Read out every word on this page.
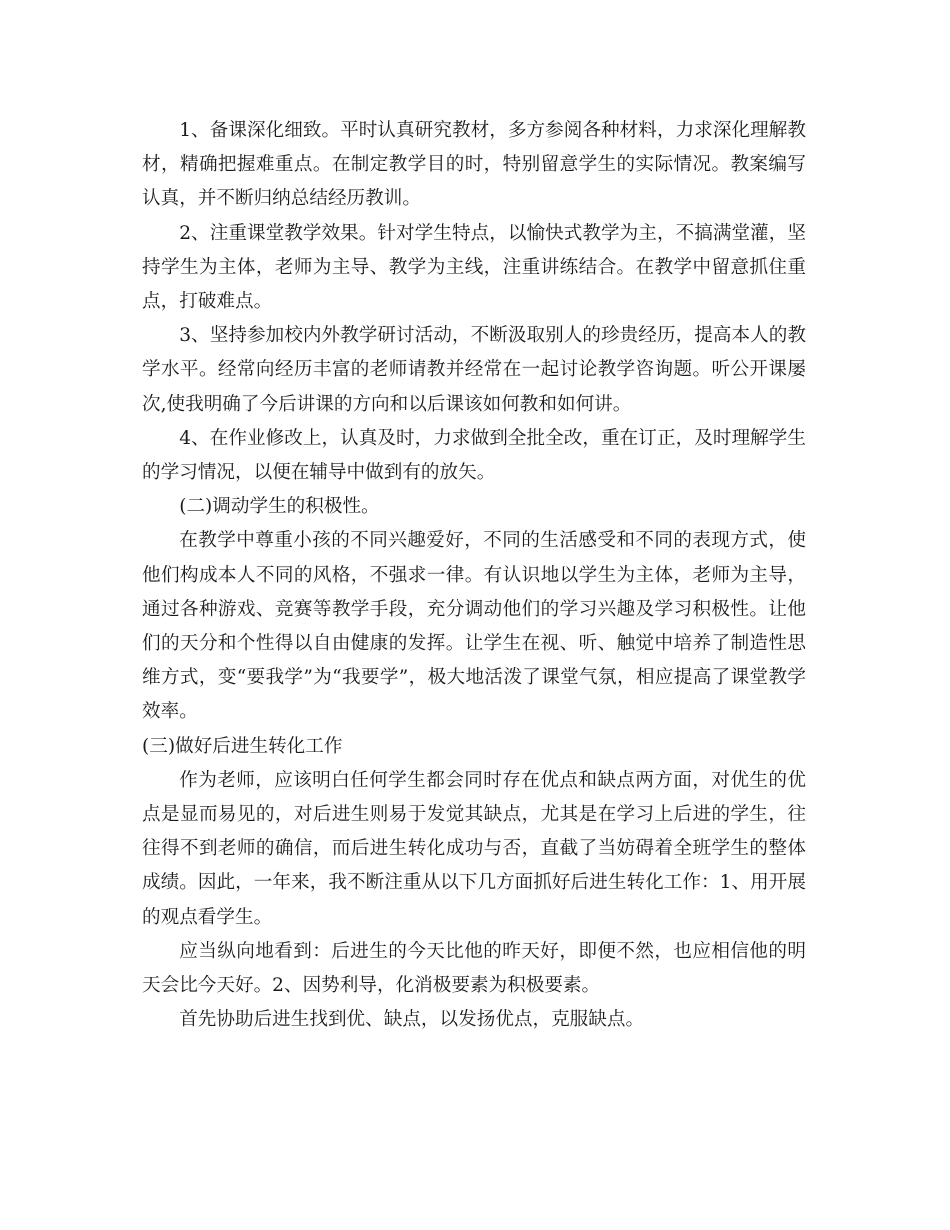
1、备课深化细致。平时认真研究教材，多方参阅各种材料，力求深化理解教材，精确把握难重点。在制定教学目的时，特别留意学生的实际情况。教案编写认真，并不断归纳总结经历教训。

2、注重课堂教学效果。针对学生特点，以愉快式教学为主，不搞满堂灌，坚持学生为主体，老师为主导、教学为主线，注重讲练结合。在教学中留意抓住重点，打破难点。

3、坚持参加校内外教学研讨活动，不断汲取别人的珍贵经历，提高本人的教学水平。经常向经历丰富的老师请教并经常在一起讨论教学咨询题。听公开课屡次,使我明确了今后讲课的方向和以后课该如何教和如何讲。

4、在作业修改上，认真及时，力求做到全批全改，重在订正，及时理解学生的学习情况，以便在辅导中做到有的放矢。

(二)调动学生的积极性。

在教学中尊重小孩的不同兴趣爱好，不同的生活感受和不同的表现方式，使他们构成本人不同的风格，不强求一律。有认识地以学生为主体，老师为主导，通过各种游戏、竞赛等教学手段，充分调动他们的学习兴趣及学习积极性。让他们的天分和个性得以自由健康的发挥。让学生在视、听、触觉中培养了制造性思维方式，变“要我学”为“我要学”，极大地活泼了课堂气氛，相应提高了课堂教学效率。

(三)做好后进生转化工作

作为老师，应该明白任何学生都会同时存在优点和缺点两方面，对优生的优点是显而易见的，对后进生则易于发觉其缺点，尤其是在学习上后进的学生，往往得不到老师的确信，而后进生转化成功与否，直截了当妨碍着全班学生的整体成绩。因此，一年来，我不断注重从以下几方面抓好后进生转化工作：1、用开展的观点看学生。

应当纵向地看到：后进生的今天比他的昨天好，即便不然，也应相信他的明天会比今天好。2、因势利导，化消极要素为积极要素。

首先协助后进生找到优、缺点，以发扬优点，克服缺点。
